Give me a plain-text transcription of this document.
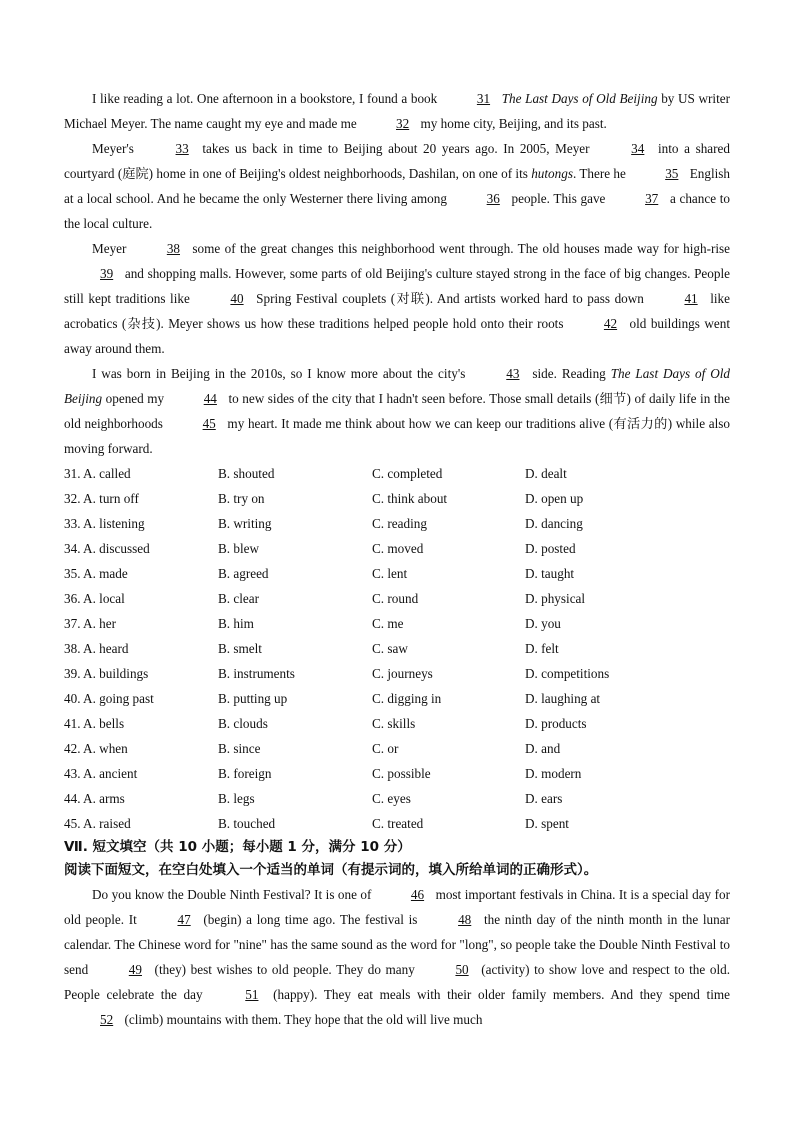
I like reading a lot. One afternoon in a bookstore, I found a book	31 The Last Days of Old Beijing by US writer Michael Meyer. The name caught my eye and made me	32 my home city, Beijing, and its past.

Meyer's	33 takes us back in time to Beijing about 20 years ago. In 2005, Meyer	34 into a shared courtyard (庭院) home in one of Beijing's oldest neighborhoods, Dashilan, on one of its hutongs. There he	35 English at a local school. And he became the only Westerner there living among	36 people. This gave	37 a chance to the local culture.

Meyer	38 some of the great changes this neighborhood went through. The old houses made way for high-rise 39 and shopping malls. However, some parts of old Beijing's culture stayed strong in the face of big changes. People still kept traditions like	40 Spring Festival couplets (对联). And artists worked hard to pass down	41 like acrobatics (杂技). Meyer shows us how these traditions helped people hold onto their roots	42 old buildings went away around them.

I was born in Beijing in the 2010s, so I know more about the city's	43 side. Reading The Last Days of Old Beijing opened my	44 to new sides of the city that I hadn't seen before. Those small details (细节) of daily life in the old neighborhoods	45 my heart. It made me think about how we can keep our traditions alive (有活力的) while also moving forward.

31. A. called	B. shouted	C. completed	D. dealt
32. A. turn off	B. try on	C. think about	D. open up
33. A. listening	B. writing	C. reading	D. dancing
34. A. discussed	B. blew	C. moved	D. posted
35. A. made	B. agreed	C. lent	D. taught
36. A. local	B. clear	C. round	D. physical
37. A. her	B. him	C. me	D. you
38. A. heard	B. smelt	C. saw	D. felt
39. A. buildings	B. instruments	C. journeys	D. competitions
40. A. going past	B. putting up	C. digging in	D. laughing at
41. A. bells	B. clouds	C. skills	D. products
42. A. when	B. since	C. or	D. and
43. A. ancient	B. foreign	C. possible	D. modern
44. A. arms	B. legs	C. eyes	D. ears
45. A. raised	B. touched	C. treated	D. spent
Ⅶ. 短文填空（共 10 小题；每小题 1 分，满分 10 分）
阅读下面短文，在空白处填入一个适当的单词（有提示词的，填入所给单词的正确形式）。

Do you know the Double Ninth Festival? It is one of	46 most important festivals in China. It is a special day for old people. It	47 (begin) a long time ago. The festival is	48 the ninth day of the ninth month in the lunar calendar. The Chinese word for "nine" has the same sound as the word for "long", so people take the Double Ninth Festival to send	49 (they) best wishes to old people. They do many	50 (activity) to show love and respect to the old. People celebrate the day	51 (happy). They eat meals with their older family members. And they spend time 52 (climb) mountains with them. They hope that the old will live much
